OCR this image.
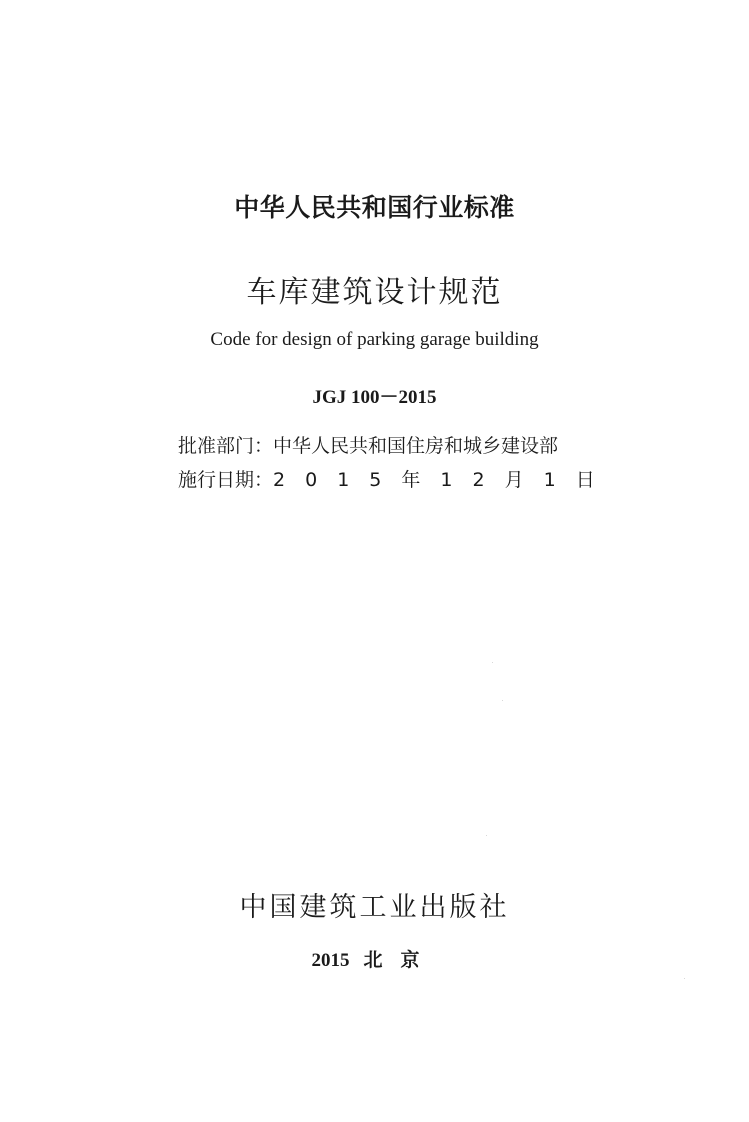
中华人民共和国行业标准
车库建筑设计规范
Code for design of parking garage building
JGJ 100－2015
批准部门：中华人民共和国住房和城乡建设部
施行日期： 2 0 1 5 年 1 2 月 1 日
中国建筑工业出版社
2015 北京
